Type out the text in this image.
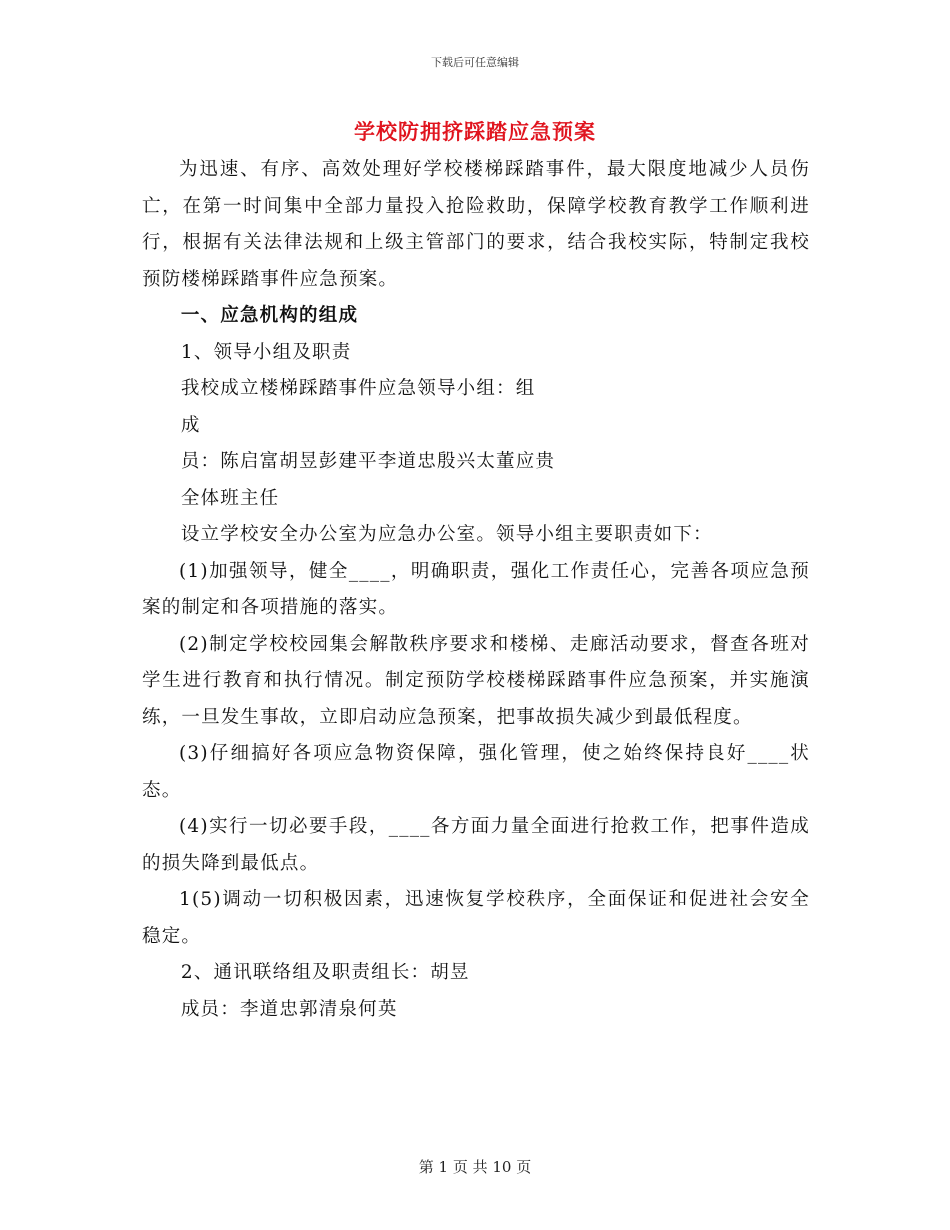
下载后可任意编辑
学校防拥挤踩踏应急预案

为迅速、有序、高效处理好学校楼梯踩踏事件，最大限度地减少人员伤亡，在第一时间集中全部力量投入抢险救助，保障学校教育教学工作顺利进行，根据有关法律法规和上级主管部门的要求，结合我校实际，特制定我校预防楼梯踩踏事件应急预案。

一、应急机构的组成

1、领导小组及职责

我校成立楼梯踩踏事件应急领导小组：组

成

员：陈启富胡昱彭建平李道忠殷兴太董应贵

全体班主任

设立学校安全办公室为应急办公室。领导小组主要职责如下：

(1)加强领导，健全____，明确职责，强化工作责任心，完善各项应急预案的制定和各项措施的落实。

(2)制定学校校园集会解散秩序要求和楼梯、走廊活动要求，督查各班对学生进行教育和执行情况。制定预防学校楼梯踩踏事件应急预案，并实施演练，一旦发生事故，立即启动应急预案，把事故损失减少到最低程度。

(3)仔细搞好各项应急物资保障，强化管理，使之始终保持良好____状态。

(4)实行一切必要手段，____各方面力量全面进行抢救工作，把事件造成的损失降到最低点。

1(5)调动一切积极因素，迅速恢复学校秩序，全面保证和促进社会安全稳定。

2、通讯联络组及职责组长：胡昱

成员：李道忠郭清泉何英

第 1 页 共 10 页
